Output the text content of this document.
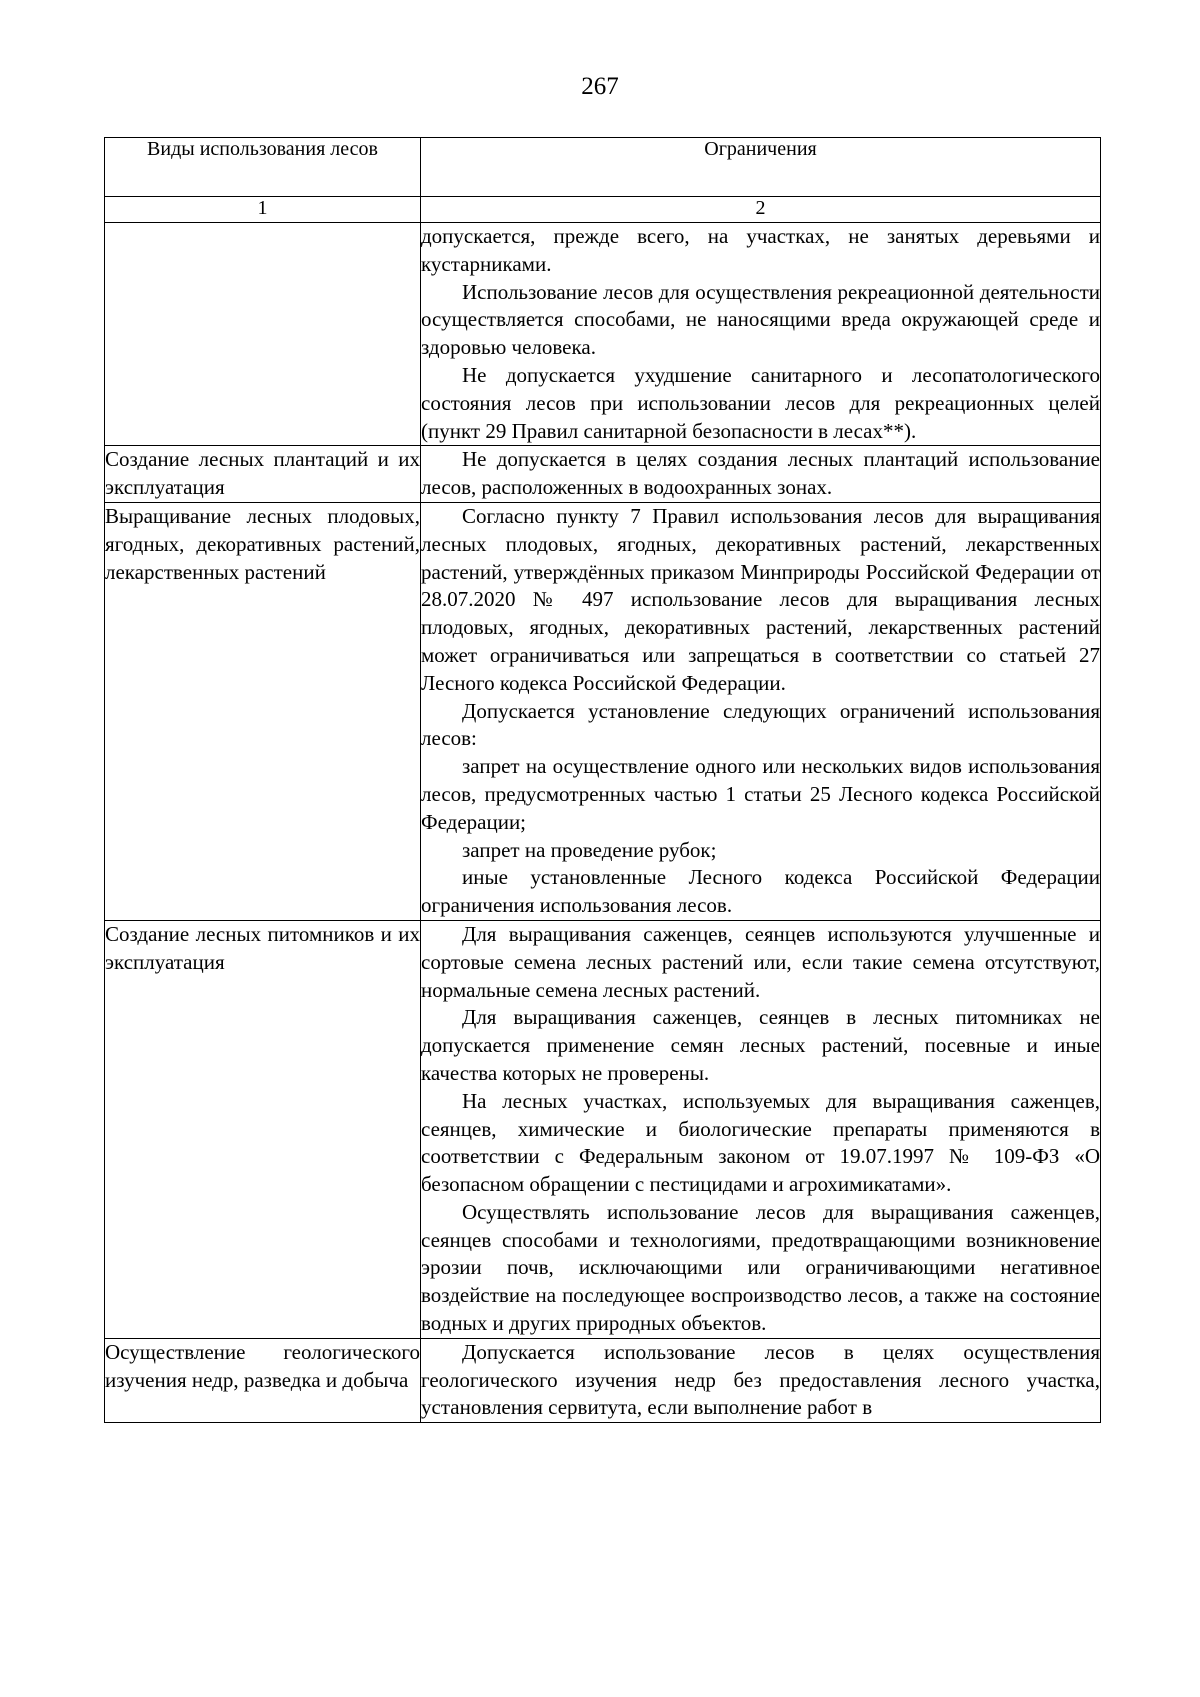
267
Виды использования лесов	Ограничения
1	2

	допускается, прежде всего, на участках, не занятых деревьями и кустарниками.

Использование лесов для осуществления рекреационной деятельности осуществляется способами, не наносящими вреда окружающей среде и здоровью человека.

Не допускается ухудшение санитарного и лесопатологического состояния лесов при использовании лесов для рекреационных целей (пункт 29 Правил санитарной безопасности в лесах**).

Создание лесных плантаций и их эксплуатация	Не допускается в целях создания лесных плантаций использование лесов, расположенных в водоохранных зонах.

Выращивание лесных плодовых, ягодных, декоративных растений, лекарственных растений	Согласно пункту 7 Правил использования лесов для выращивания лесных плодовых, ягодных, декоративных растений, лекарственных растений, утверждённых приказом Минприроды Российской Федерации от 28.07.2020 № 497 использование лесов для выращивания лесных плодовых, ягодных, декоративных растений, лекарственных растений может ограничиваться или запрещаться в соответствии со статьей 27 Лесного кодекса Российской Федерации.

Допускается установление следующих ограничений использования лесов:

запрет на осуществление одного или нескольких видов использования лесов, предусмотренных частью 1 статьи 25 Лесного кодекса Российской Федерации;

запрет на проведение рубок;

иные установленные Лесного кодекса Российской Федерации ограничения использования лесов.

Создание лесных питомников и их эксплуатация	Для выращивания саженцев, сеянцев используются улучшенные и сортовые семена лесных растений или, если такие семена отсутствуют, нормальные семена лесных растений.

Для выращивания саженцев, сеянцев в лесных питомниках не допускается применение семян лесных растений, посевные и иные качества которых не проверены.

На лесных участках, используемых для выращивания саженцев, сеянцев, химические и биологические препараты применяются в соответствии с Федеральным законом от 19.07.1997 № 109-ФЗ «О безопасном обращении с пестицидами и агрохимикатами».

Осуществлять использование лесов для выращивания саженцев, сеянцев способами и технологиями, предотвращающими возникновение эрозии почв, исключающими или ограничивающими негативное воздействие на последующее воспроизводство лесов, а также на состояние водных и других природных объектов.

Осуществление геологического изучения недр, разведка и добыча	Допускается использование лесов в целях осуществления геологического изучения недр без предоставления лесного участка, установления сервитута, если выполнение работ в
